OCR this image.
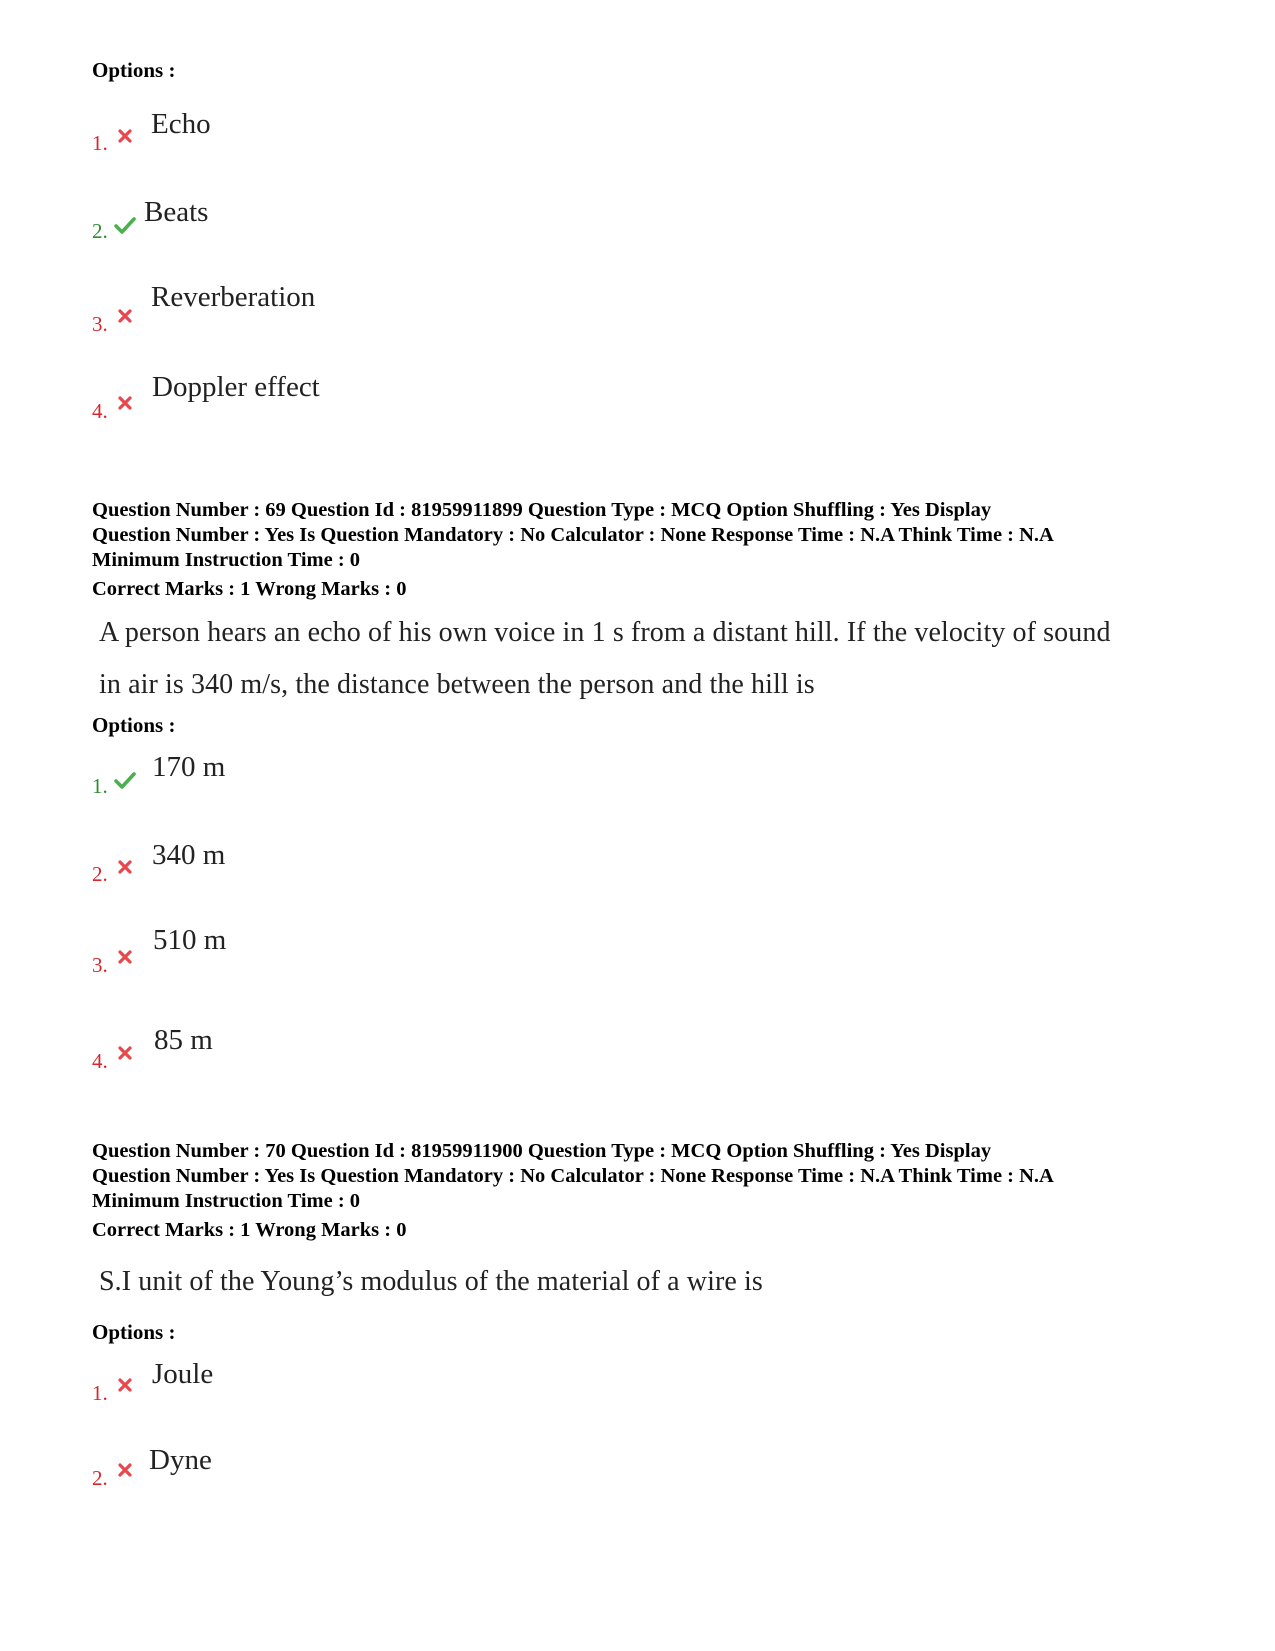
Options :
1.
Echo
2.
Beats
3.
Reverberation
4.
Doppler effect
Question Number : 69 Question Id : 81959911899 Question Type : MCQ Option Shuffling : Yes Display
Question Number : Yes Is Question Mandatory : No Calculator : None Response Time : N.A Think Time : N.A
Minimum Instruction Time : 0
Correct Marks : 1 Wrong Marks : 0
A person hears an echo of his own voice in 1 s from a distant hill. If the velocity of sound
in air is 340 m/s, the distance between the person and the hill is
Options :
1.
170 m
2.
340 m
3.
510 m
4.
85 m
Question Number : 70 Question Id : 81959911900 Question Type : MCQ Option Shuffling : Yes Display
Question Number : Yes Is Question Mandatory : No Calculator : None Response Time : N.A Think Time : N.A
Minimum Instruction Time : 0
Correct Marks : 1 Wrong Marks : 0
S.I unit of the Young’s modulus of the material of a wire is
Options :
1.
Joule
2.
Dyne
